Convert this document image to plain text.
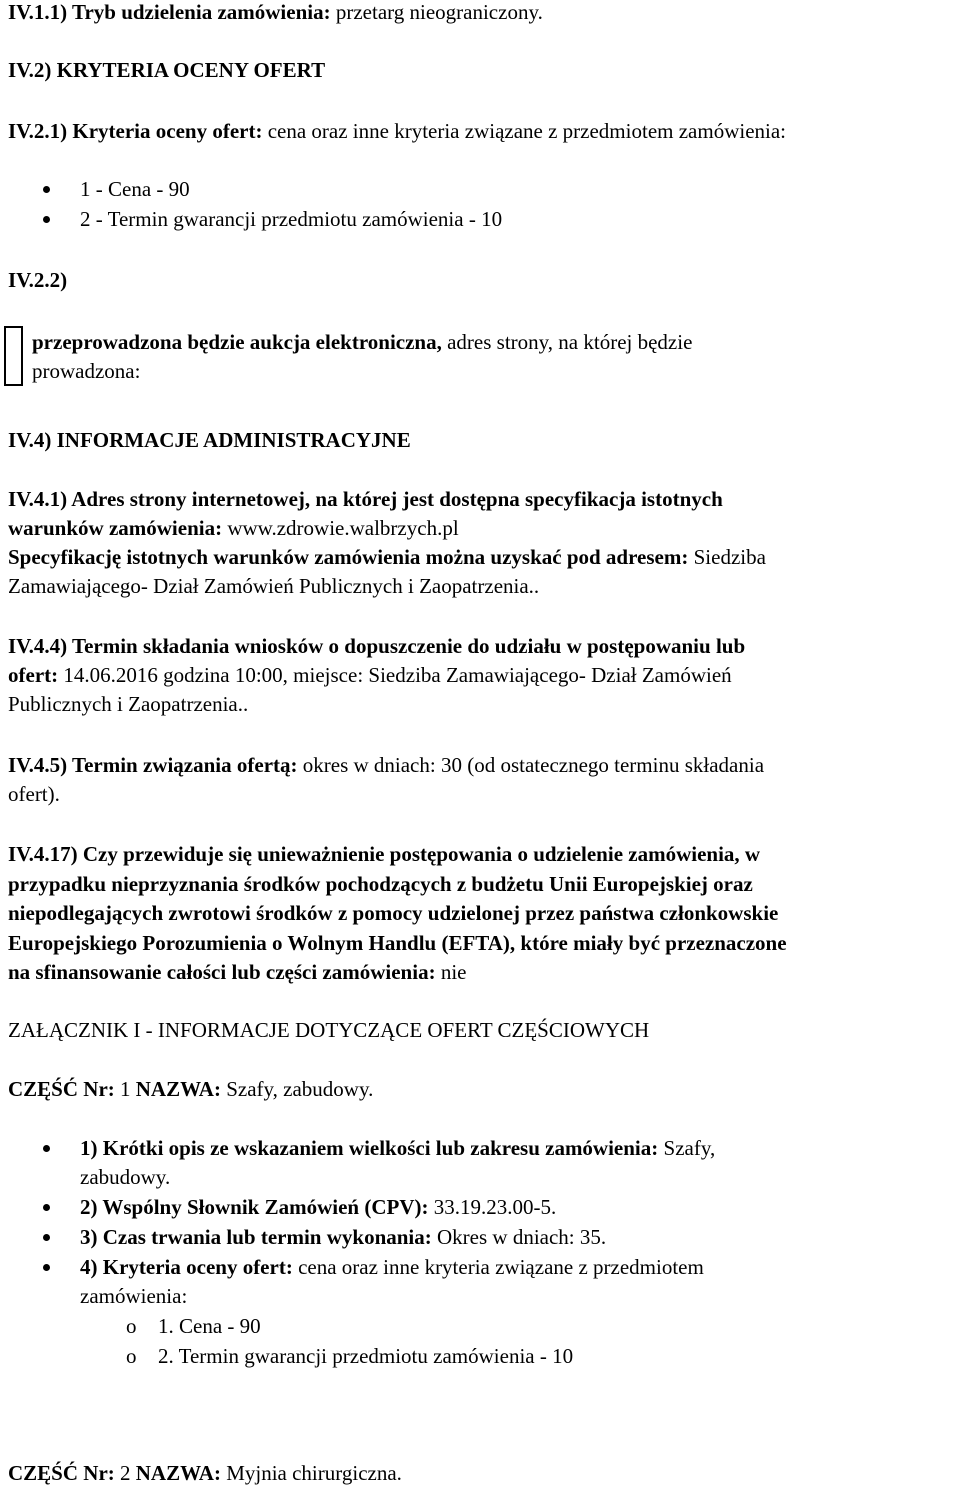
IV.1.1) Tryb udzielenia zamówienia: przetarg nieograniczony.
IV.2) KRYTERIA OCENY OFERT
IV.2.1) Kryteria oceny ofert: cena oraz inne kryteria związane z przedmiotem zamówienia:
1 - Cena - 90
2 - Termin gwarancji przedmiotu zamówienia - 10
IV.2.2)
przeprowadzona będzie aukcja elektroniczna, adres strony, na której będzie
prowadzona:
IV.4) INFORMACJE ADMINISTRACYJNE
IV.4.1) Adres strony internetowej, na której jest dostępna specyfikacja istotnych
warunków zamówienia: www.zdrowie.walbrzych.pl
Specyfikację istotnych warunków zamówienia można uzyskać pod adresem: Siedziba
Zamawiającego- Dział Zamówień Publicznych i Zaopatrzenia..
IV.4.4) Termin składania wniosków o dopuszczenie do udziału w postępowaniu lub
ofert: 14.06.2016 godzina 10:00, miejsce: Siedziba Zamawiającego- Dział Zamówień
Publicznych i Zaopatrzenia..
IV.4.5) Termin związania ofertą: okres w dniach: 30 (od ostatecznego terminu składania
ofert).
IV.4.17) Czy przewiduje się unieważnienie postępowania o udzielenie zamówienia, w
przypadku nieprzyznania środków pochodzących z budżetu Unii Europejskiej oraz
niepodlegających zwrotowi środków z pomocy udzielonej przez państwa członkowskie
Europejskiego Porozumienia o Wolnym Handlu (EFTA), które miały być przeznaczone
na sfinansowanie całości lub części zamówienia: nie
ZAŁĄCZNIK I - INFORMACJE DOTYCZĄCE OFERT CZĘŚCIOWYCH
CZĘŚĆ Nr: 1 NAZWA: Szafy, zabudowy.
1) Krótki opis ze wskazaniem wielkości lub zakresu zamówienia: Szafy,
zabudowy.
2) Wspólny Słownik Zamówień (CPV): 33.19.23.00-5.
3) Czas trwania lub termin wykonania: Okres w dniach: 35.
4) Kryteria oceny ofert: cena oraz inne kryteria związane z przedmiotem
zamówienia:
o 1. Cena - 90
o 2. Termin gwarancji przedmiotu zamówienia - 10
CZĘŚĆ Nr: 2 NAZWA: Myjnia chirurgiczna.
